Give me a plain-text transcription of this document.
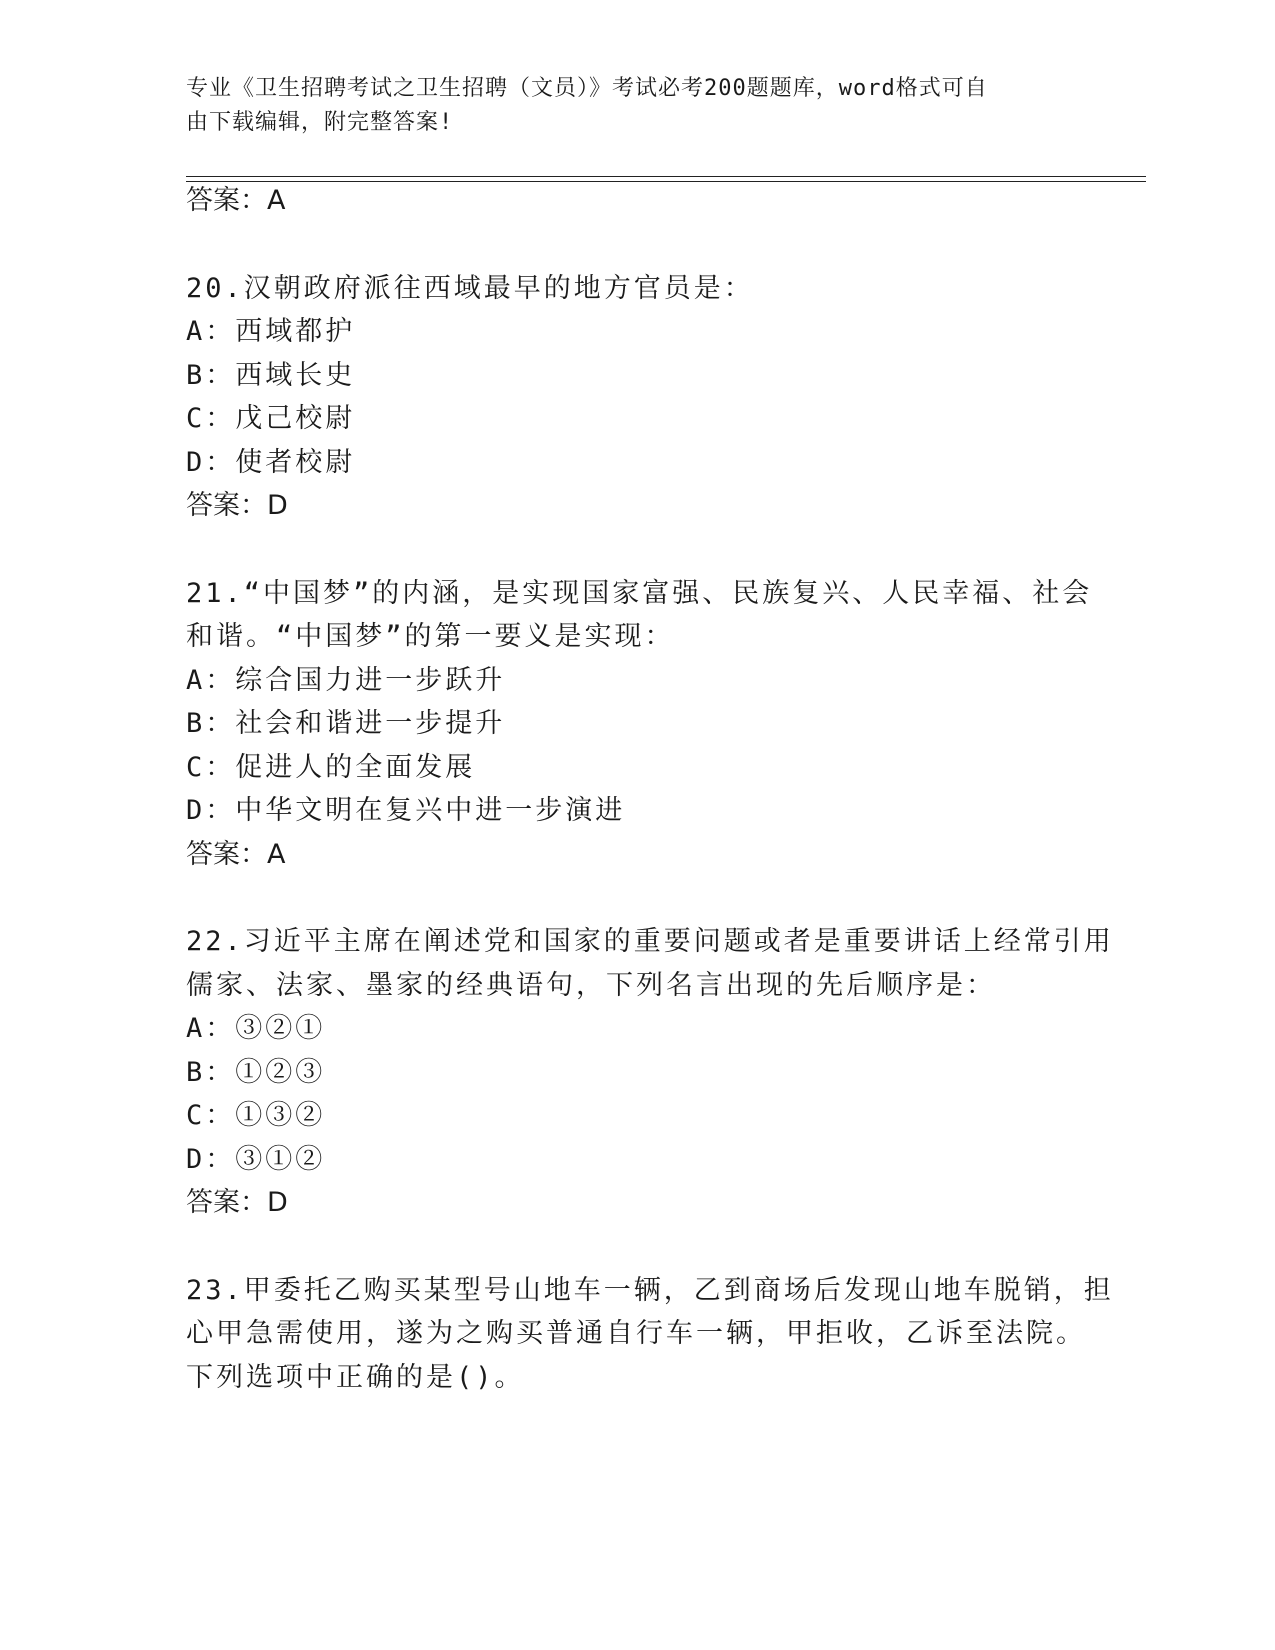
专业《卫生招聘考试之卫生招聘（文员）》考试必考200题题库，word格式可自
由下载编辑，附完整答案!
答案：A
20.汉朝政府派往西域最早的地方官员是：
A：西域都护
B：西域长史
C：戊己校尉
D：使者校尉
答案：D
21.“中国梦”的内涵，是实现国家富强、民族复兴、人民幸福、社会
和谐。“中国梦”的第一要义是实现：
A：综合国力进一步跃升
B：社会和谐进一步提升
C：促进人的全面发展
D：中华文明在复兴中进一步演进
答案：A
22.习近平主席在阐述党和国家的重要问题或者是重要讲话上经常引用
儒家、法家、墨家的经典语句，下列名言出现的先后顺序是：
A：③②①
B：①②③
C：①③②
D：③①②
答案：D
23.甲委托乙购买某型号山地车一辆，乙到商场后发现山地车脱销，担
心甲急需使用，遂为之购买普通自行车一辆，甲拒收，乙诉至法院。
下列选项中正确的是()。
